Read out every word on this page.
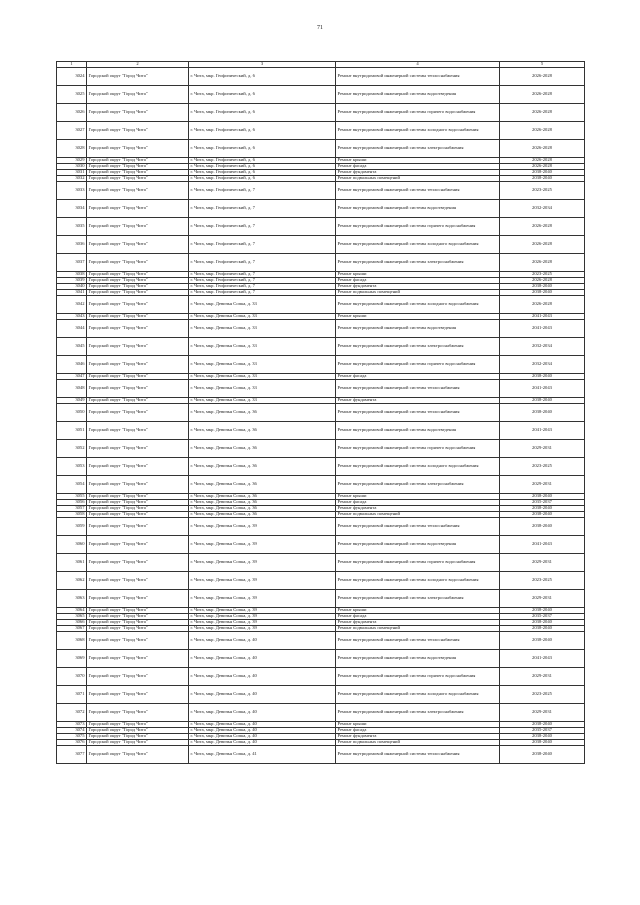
71
1	2	3	4	5
3024	Городской округ "Город Чита"	г. Чита, мкр. Геофизический, д. 6	Ремонт внутридомовой инженерной системы теплоснабжения	2026-2028
3025	Городской округ "Город Чита"	г. Чита, мкр. Геофизический, д. 6	Ремонт внутридомовой инженерной системы водоотведения	2026-2028
3026	Городской округ "Город Чита"	г. Чита, мкр. Геофизический, д. 6	Ремонт внутридомовой инженерной системы горячего водоснабжения	2026-2028
3027	Городской округ "Город Чита"	г. Чита, мкр. Геофизический, д. 6	Ремонт внутридомовой инженерной системы холодного водоснабжения	2026-2028
3028	Городской округ "Город Чита"	г. Чита, мкр. Геофизический, д. 6	Ремонт внутридомовой инженерной системы электроснабжения	2026-2028
3029	Городской округ "Город Чита"	г. Чита, мкр. Геофизический, д. 6	Ремонт крыши	2026-2028
3030	Городской округ "Город Чита"	г. Чита, мкр. Геофизический, д. 6	Ремонт фасада	2026-2028
3031	Городской округ "Город Чита"	г. Чита, мкр. Геофизический, д. 6	Ремонт фундамента	2038-2040
3032	Городской округ "Город Чита"	г. Чита, мкр. Геофизический, д. 6	Ремонт подвальных помещений	2038-2040
3033	Городской округ "Город Чита"	г. Чита, мкр. Геофизический, д. 7	Ремонт внутридомовой инженерной системы теплоснабжения	2023-2025
3034	Городской округ "Город Чита"	г. Чита, мкр. Геофизический, д. 7	Ремонт внутридомовой инженерной системы водоотведения	2032-2034
3035	Городской округ "Город Чита"	г. Чита, мкр. Геофизический, д. 7	Ремонт внутридомовой инженерной системы горячего водоснабжения	2026-2028
3036	Городской округ "Город Чита"	г. Чита, мкр. Геофизический, д. 7	Ремонт внутридомовой инженерной системы холодного водоснабжения	2026-2028
3037	Городской округ "Город Чита"	г. Чита, мкр. Геофизический, д. 7	Ремонт внутридомовой инженерной системы электроснабжения	2026-2028
3038	Городской округ "Город Чита"	г. Чита, мкр. Геофизический, д. 7	Ремонт крыши	2023-2025
3039	Городской округ "Город Чита"	г. Чита, мкр. Геофизический, д. 7	Ремонт фасада	2026-2028
3040	Городской округ "Город Чита"	г. Чита, мкр. Геофизический, д. 7	Ремонт фундамента	2038-2040
3041	Городской округ "Город Чита"	г. Чита, мкр. Геофизический, д. 7	Ремонт подвальных помещений	2038-2040
3042	Городской округ "Город Чита"	г. Чита, мкр. Девичья Сопка, д. 33	Ремонт внутридомовой инженерной системы холодного водоснабжения	2026-2028
3043	Городской округ "Город Чита"	г. Чита, мкр. Девичья Сопка, д. 33	Ремонт крыши	2041-2043
3044	Городской округ "Город Чита"	г. Чита, мкр. Девичья Сопка, д. 33	Ремонт внутридомовой инженерной системы водоотведения	2041-2043
3045	Городской округ "Город Чита"	г. Чита, мкр. Девичья Сопка, д. 33	Ремонт внутридомовой инженерной системы электроснабжения	2032-2034
3046	Городской округ "Город Чита"	г. Чита, мкр. Девичья Сопка, д. 33	Ремонт внутридомовой инженерной системы горячего водоснабжения	2032-2034
3047	Городской округ "Город Чита"	г. Чита, мкр. Девичья Сопка, д. 33	Ремонт фасада	2038-2040
3048	Городской округ "Город Чита"	г. Чита, мкр. Девичья Сопка, д. 33	Ремонт внутридомовой инженерной системы теплоснабжения	2041-2043
3049	Городской округ "Город Чита"	г. Чита, мкр. Девичья Сопка, д. 33	Ремонт фундамента	2038-2040
3050	Городской округ "Город Чита"	г. Чита, мкр. Девичья Сопка, д. 36	Ремонт внутридомовой инженерной системы теплоснабжения	2038-2040
3051	Городской округ "Город Чита"	г. Чита, мкр. Девичья Сопка, д. 36	Ремонт внутридомовой инженерной системы водоотведения	2041-2043
3052	Городской округ "Город Чита"	г. Чита, мкр. Девичья Сопка, д. 36	Ремонт внутридомовой инженерной системы горячего водоснабжения	2029-2031
3053	Городской округ "Город Чита"	г. Чита, мкр. Девичья Сопка, д. 36	Ремонт внутридомовой инженерной системы холодного водоснабжения	2023-2025
3054	Городской округ "Город Чита"	г. Чита, мкр. Девичья Сопка, д. 36	Ремонт внутридомовой инженерной системы электроснабжения	2029-2031
3055	Городской округ "Город Чита"	г. Чита, мкр. Девичья Сопка, д. 36	Ремонт крыши	2038-2040
3056	Городской округ "Город Чита"	г. Чита, мкр. Девичья Сопка, д. 36	Ремонт фасада	2035-2037
3057	Городской округ "Город Чита"	г. Чита, мкр. Девичья Сопка, д. 36	Ремонт фундамента	2038-2040
3058	Городской округ "Город Чита"	г. Чита, мкр. Девичья Сопка, д. 36	Ремонт подвальных помещений	2038-2040
3059	Городской округ "Город Чита"	г. Чита, мкр. Девичья Сопка, д. 39	Ремонт внутридомовой инженерной системы теплоснабжения	2038-2040
3060	Городской округ "Город Чита"	г. Чита, мкр. Девичья Сопка, д. 39	Ремонт внутридомовой инженерной системы водоотведения	2041-2043
3061	Городской округ "Город Чита"	г. Чита, мкр. Девичья Сопка, д. 39	Ремонт внутридомовой инженерной системы горячего водоснабжения	2029-2031
3062	Городской округ "Город Чита"	г. Чита, мкр. Девичья Сопка, д. 39	Ремонт внутридомовой инженерной системы холодного водоснабжения	2023-2025
3063	Городской округ "Город Чита"	г. Чита, мкр. Девичья Сопка, д. 39	Ремонт внутридомовой инженерной системы электроснабжения	2029-2031
3064	Городской округ "Город Чита"	г. Чита, мкр. Девичья Сопка, д. 39	Ремонт крыши	2038-2040
3065	Городской округ "Город Чита"	г. Чита, мкр. Девичья Сопка, д. 39	Ремонт фасада	2035-2037
3066	Городской округ "Город Чита"	г. Чита, мкр. Девичья Сопка, д. 39	Ремонт фундамента	2038-2040
3067	Городской округ "Город Чита"	г. Чита, мкр. Девичья Сопка, д. 39	Ремонт подвальных помещений	2038-2040
3068	Городской округ "Город Чита"	г. Чита, мкр. Девичья Сопка, д. 40	Ремонт внутридомовой инженерной системы теплоснабжения	2038-2040
3069	Городской округ "Город Чита"	г. Чита, мкр. Девичья Сопка, д. 40	Ремонт внутридомовой инженерной системы водоотведения	2041-2043
3070	Городской округ "Город Чита"	г. Чита, мкр. Девичья Сопка, д. 40	Ремонт внутридомовой инженерной системы горячего водоснабжения	2029-2031
3071	Городской округ "Город Чита"	г. Чита, мкр. Девичья Сопка, д. 40	Ремонт внутридомовой инженерной системы холодного водоснабжения	2023-2025
3072	Городской округ "Город Чита"	г. Чита, мкр. Девичья Сопка, д. 40	Ремонт внутридомовой инженерной системы электроснабжения	2029-2031
3073	Городской округ "Город Чита"	г. Чита, мкр. Девичья Сопка, д. 40	Ремонт крыши	2038-2040
3074	Городской округ "Город Чита"	г. Чита, мкр. Девичья Сопка, д. 40	Ремонт фасада	2035-2037
3075	Городской округ "Город Чита"	г. Чита, мкр. Девичья Сопка, д. 40	Ремонт фундамента	2038-2040
3076	Городской округ "Город Чита"	г. Чита, мкр. Девичья Сопка, д. 40	Ремонт подвальных помещений	2038-2040
3077	Городской округ "Город Чита"	г. Чита, мкр. Девичья Сопка, д. 41	Ремонт внутридомовой инженерной системы теплоснабжения	2038-2040
